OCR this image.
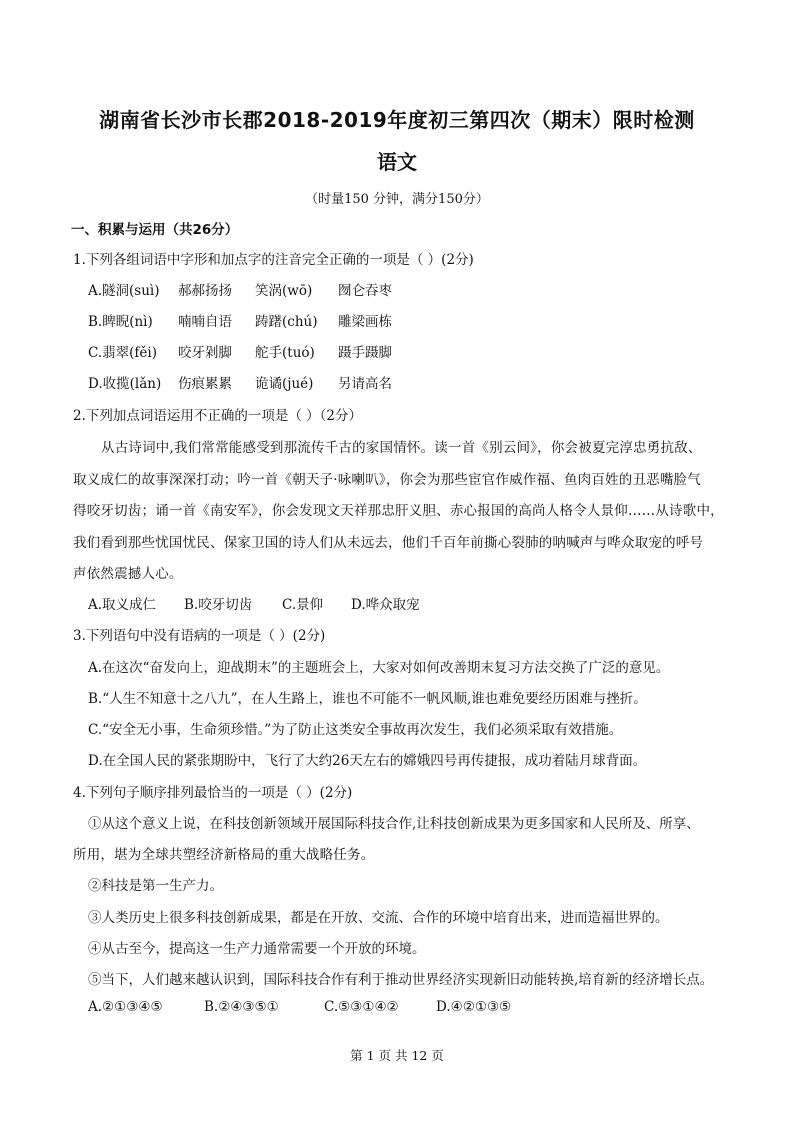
湖南省长沙市长郡2018-2019年度初三第四次（期末）限时检测
语文
（时量150 分钟，满分150分）
一、积累与运用（共26分）
1.下列各组词语中字形和加点字的注音完全正确的一项是（ ）(2分)
A.隧洞(suì) 郝郝扬扬 笑涡(wō) 囫仑吞枣
B.睥睨(nì) 喃喃自语 踌躇(chú) 雕梁画栋
C.翡翠(fěi) 咬牙剁脚 舵手(tuó) 蹑手蹑脚
D.收揽(lǎn) 伤痕累累 诡谲(jué) 另请高名
2.下列加点词语运用不正确的一项是（ ）（2分）
从古诗词中,我们常常能感受到那流传千古的家国情怀。读一首《别云间》，你会被夏完淳忠勇抗敌、
取义成仁的故事深深打动；吟一首《朝天子·咏喇叭》，你会为那些宦官作威作福、鱼肉百姓的丑恶嘴脸气
得咬牙切齿；诵一首《南安军》，你会发现文天祥那忠肝义胆、赤心报国的高尚人格令人景仰……从诗歌中，
我们看到那些忧国忧民、保家卫国的诗人们从未远去，他们千百年前撕心裂肺的呐喊声与哗众取宠的呼号
声依然震撼人心。
A.取义成仁 B.咬牙切齿 C.景仰 D.哗众取宠
3.下列语句中没有语病的一项是（ ）(2分)
A.在这次“奋发向上，迎战期末”的主题班会上，大家对如何改善期末复习方法交换了广泛的意见。
B.“人生不知意十之八九”，在人生路上，谁也不可能不一帆风顺,谁也难免要经历困难与挫折。
C.“安全无小事，生命须珍惜。”为了防止这类安全事故再次发生，我们必须采取有效措施。
D.在全国人民的紧张期盼中，飞行了大约26天左右的嫦娥四号再传捷报，成功着陆月球背面。
4.下列句子顺序排列最恰当的一项是（ ）(2分)
①从这个意义上说，在科技创新领域开展国际科技合作,让科技创新成果为更多国家和人民所及、所享、
所用，堪为全球共塑经济新格局的重大战略任务。
②科技是第一生产力。
③人类历史上很多科技创新成果，都是在开放、交流、合作的环境中培育出来，进而造福世界的。
④从古至今，提高这一生产力通常需要一个开放的环境。
⑤当下，人们越来越认识到，国际科技合作有利于推动世界经济实现新旧动能转换,培育新的经济增长点。
A.②①③④⑤	B.②④③⑤①	C.⑤③①④②	D.④②①③⑤
第 1 页 共 12 页
